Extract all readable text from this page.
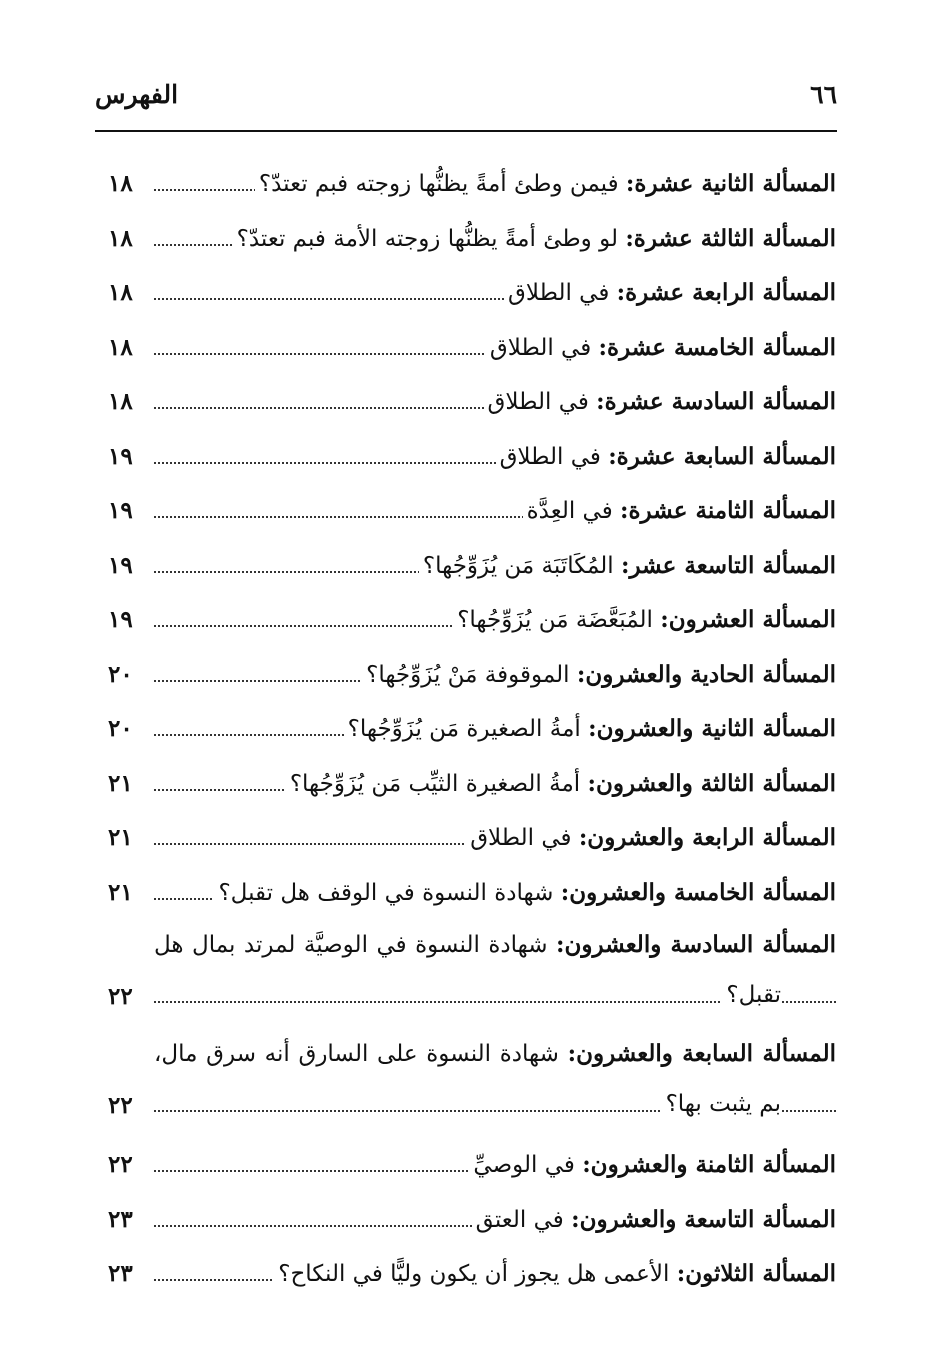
٦٦
الفهرس
المسألة الثانية عشرة: فيمن وطئ أمةً يظنُّها زوجته فبم تعتدّ؟
١٨
المسألة الثالثة عشرة: لو وطئ أمةً يظنُّها زوجته الأمة فبم تعتدّ؟
١٨
المسألة الرابعة عشرة: في الطلاق
١٨
المسألة الخامسة عشرة: في الطلاق
١٨
المسألة السادسة عشرة: في الطلاق
١٨
المسألة السابعة عشرة: في الطلاق
١٩
المسألة الثامنة عشرة: في العِدَّة
١٩
المسألة التاسعة عشر: المُكَاتَبَة مَن يُزَوِّجُها؟
١٩
المسألة العشرون: المُبَعَّضَة مَن يُزَوِّجُها؟
١٩
المسألة الحادية والعشرون: الموقوفة مَنْ يُزَوِّجُها؟
٢٠
المسألة الثانية والعشرون: أمةُ الصغيرة مَن يُزَوِّجُها؟
٢٠
المسألة الثالثة والعشرون: أمةُ الصغيرة الثيِّب مَن يُزَوِّجُها؟
٢١
المسألة الرابعة والعشرون: في الطلاق
٢١
المسألة الخامسة والعشرون: شهادة النسوة في الوقف هل تقبل؟
٢١
المسألة السادسة والعشرون: شهادة النسوة في الوصيَّة لمرتد بمال هل
تقبل؟
٢٢
المسألة السابعة والعشرون: شهادة النسوة على السارق أنه سرق مال،
بم يثبت بها؟
٢٢
المسألة الثامنة والعشرون: في الوصيِّ
٢٢
المسألة التاسعة والعشرون: في العتق
٢٣
المسألة الثلاثون: الأعمى هل يجوز أن يكون وليًّا في النكاح؟
٢٣
